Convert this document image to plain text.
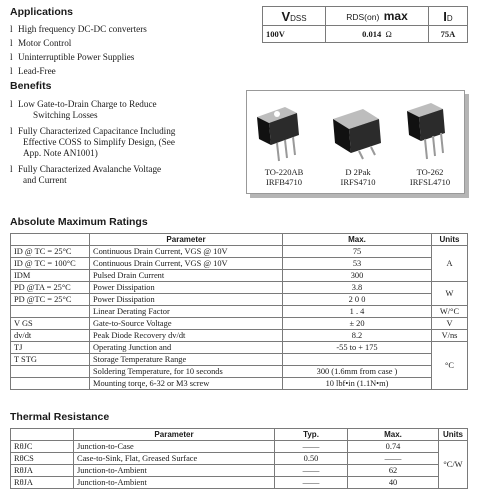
Applications
l High frequency DC-DC converters
l Motor Control
l Uninterruptible Power Supplies
l Lead-Free
Benefits
l Low Gate-to-Drain Charge to Reduce
Switching Losses
l Fully Characterized Capacitance Including
Effective COSS to Simplify Design, (See
App. Note AN1001)
l Fully Characterized Avalanche Voltage
and Current
VDSS	RDS(on) max	ID
100V	0.014 Ω	75A
TO-220AB
IRFB4710
D 2Pak
IRFS4710
TO-262
IRFSL4710
Absolute Maximum Ratings
	Parameter	Max.	Units
ID @ TC = 25°C	Continuous Drain Current, VGS @ 10V	75	A
ID @ TC = 100°C	Continuous Drain Current, VGS @ 10V	53	
IDM	Pulsed Drain Current	300	
PD @TA = 25°C	Power Dissipation	3.8	W
PD @TC = 25°C	Power Dissipation	2 0 0	
	Linear Derating Factor	1 . 4	W/°C
V GS	Gate-to-Source Voltage	± 20	V
dv/dt	Peak Diode Recovery dv/dt	8.2	V/ns
TJ	Operating Junction and	-55 to + 175	°C
T STG	Storage Temperature Range		
	Soldering Temperature, for 10 seconds	300 (1.6mm from case )	
	Mounting torqe, 6-32 or M3 screw	10 lbf•in (1.1N•m)	
Thermal Resistance
	Parameter	Typ.	Max.	Units
RθJC	Junction-to-Case	——	0.74	°C/W
RθCS	Case-to-Sink, Flat, Greased Surface	0.50	——	
RθJA	Junction-to-Ambient	——	62	
RθJA	Junction-to-Ambient	——	40	
